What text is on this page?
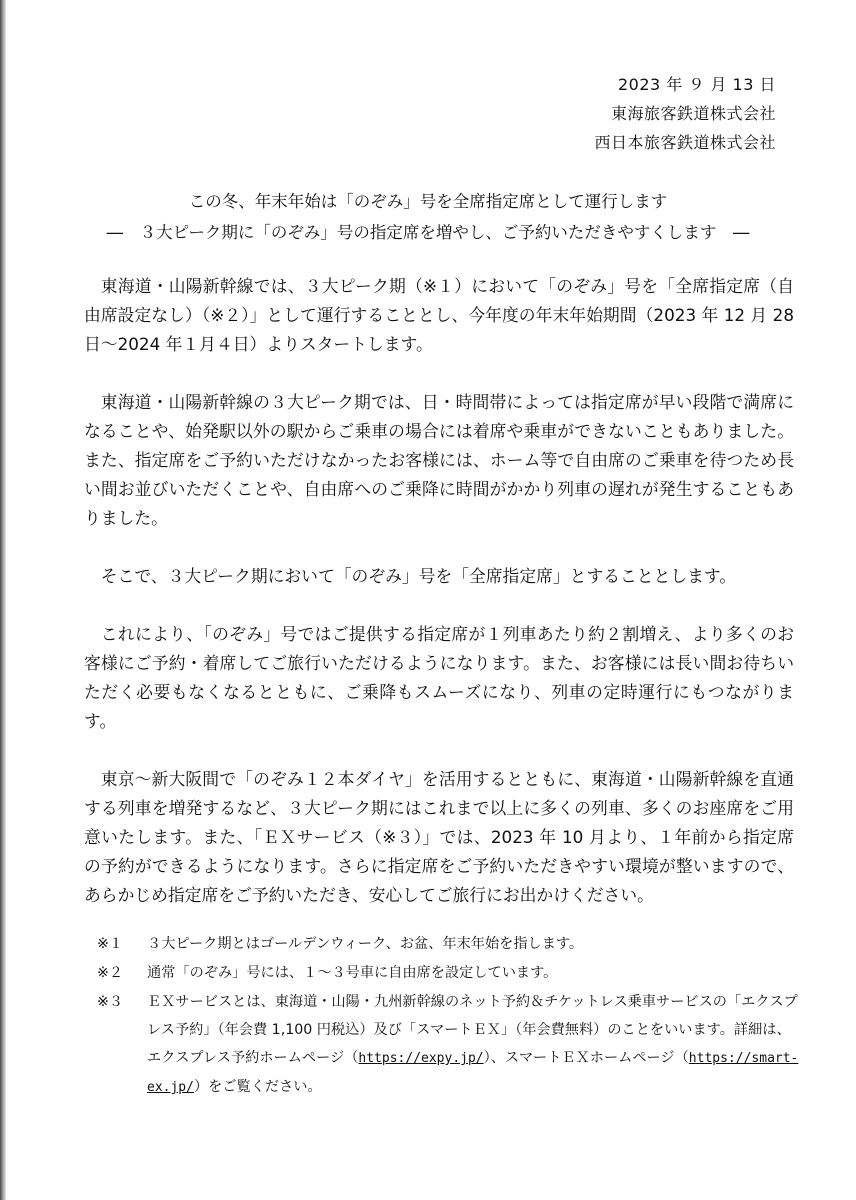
2023 年 ９ 月 13 日
東海旅客鉄道株式会社
西日本旅客鉄道株式会社
この冬、年末年始は「のぞみ」号を全席指定席として運行します
―　３大ピーク期に「のぞみ」号の指定席を増やし、ご予約いただきやすくします　―

東海道・山陽新幹線では、３大ピーク期（※１）において「のぞみ」号を「全席指定席（自由席設定なし）（※２）」として運行することとし、今年度の年末年始期間（2023 年 12 月 28 日～2024 年１月４日）よりスタートします。

東海道・山陽新幹線の３大ピーク期では、日・時間帯によっては指定席が早い段階で満席になることや、始発駅以外の駅からご乗車の場合には着席や乗車ができないこともありました。また、指定席をご予約いただけなかったお客様には、ホーム等で自由席のご乗車を待つため長い間お並びいただくことや、自由席へのご乗降に時間がかかり列車の遅れが発生することもありました。

そこで、３大ピーク期において「のぞみ」号を「全席指定席」とすることとします。

これにより、「のぞみ」号ではご提供する指定席が１列車あたり約２割増え、より多くのお客様にご予約・着席してご旅行いただけるようになります。また、お客様には長い間お待ちいただく必要もなくなるとともに、ご乗降もスムーズになり、列車の定時運行にもつながります。

東京～新大阪間で「のぞみ１２本ダイヤ」を活用するとともに、東海道・山陽新幹線を直通する列車を増発するなど、３大ピーク期にはこれまで以上に多くの列車、多くのお座席をご用意いたします。また、「ＥＸサービス（※３）」では、2023 年 10 月より、１年前から指定席の予約ができるようになります。さらに指定席をご予約いただきやすい環境が整いますので、あらかじめ指定席をご予約いただき、安心してご旅行にお出かけください。

※１	３大ピーク期とはゴールデンウィーク、お盆、年末年始を指します。
※２	通常「のぞみ」号には、１～３号車に自由席を設定しています。
※３	ＥＸサービスとは、東海道・山陽・九州新幹線のネット予約＆チケットレス乗車サービスの「エクスプレス予約」（年会費 1,100 円税込）及び「スマートＥＸ」（年会費無料）のことをいいます。詳細は、エクスプレス予約ホームページ（https://expy.jp/）、スマートＥＸホームページ（https://smart-ex.jp/）をご覧ください。
